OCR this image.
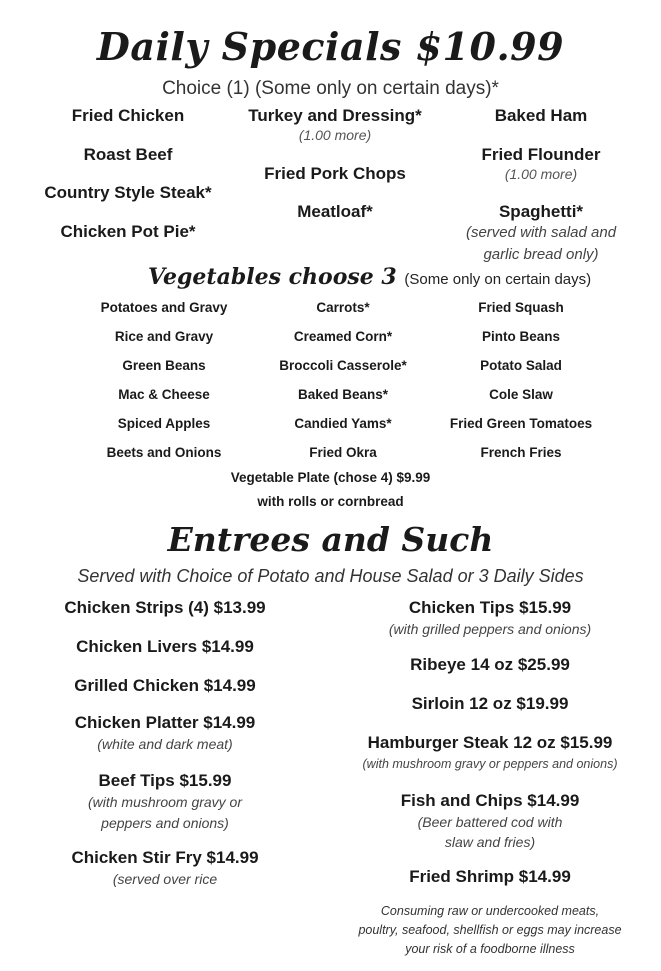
Daily Specials $10.99
Choice (1) (Some only on certain days)*
Fried Chicken
Roast Beef
Country Style Steak*
Chicken Pot Pie*
Turkey and Dressing*
(1.00 more)
Fried Pork Chops
Meatloaf*
Baked Ham
Fried Flounder
(1.00 more)
Spaghetti*
(served with salad and
garlic bread only)
Vegetables choose 3 (Some only on certain days)
Potatoes and Gravy
Rice and Gravy
Green Beans
Mac & Cheese
Spiced Apples
Beets and Onions
Carrots*
Creamed Corn*
Broccoli Casserole*
Baked Beans*
Candied Yams*
Fried Okra
Fried Squash
Pinto Beans
Potato Salad
Cole Slaw
Fried Green Tomatoes
French Fries
Vegetable Plate (chose 4) $9.99
with rolls or cornbread
Entrees and Such
Served with Choice of Potato and House Salad or 3 Daily Sides
Chicken Strips (4) $13.99
Chicken Livers $14.99
Grilled Chicken $14.99
Chicken Platter $14.99
(white and dark meat)
Beef Tips $15.99
(with mushroom gravy or
peppers and onions)
Chicken Stir Fry $14.99
(served over rice
Chicken Tips $15.99
(with grilled peppers and onions)
Ribeye 14 oz $25.99
Sirloin 12 oz $19.99
Hamburger Steak 12 oz $15.99
(with mushroom gravy or peppers and onions)
Fish and Chips $14.99
(Beer battered cod with
slaw and fries)
Fried Shrimp $14.99
Consuming raw or undercooked meats,
poultry, seafood, shellfish or eggs may increase
your risk of a foodborne illness
